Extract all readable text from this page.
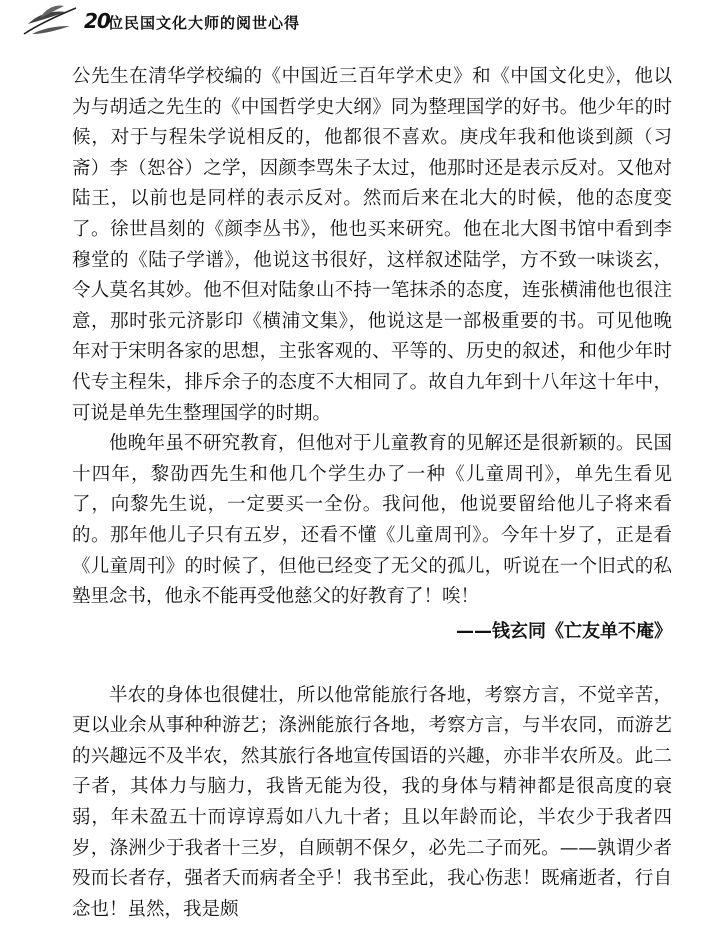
20
位民国文化大师的阅世心得

公先生在清华学校编的《中国近三百年学术史》和《中国文化史》，他以为与胡适之先生的《中国哲学史大纲》同为整理国学的好书。他少年的时候，对于与程朱学说相反的，他都很不喜欢。庚戌年我和他谈到颜（习斋）李（恕谷）之学，因颜李骂朱子太过，他那时还是表示反对。又他对陆王，以前也是同样的表示反对。然而后来在北大的时候，他的态度变了。徐世昌刻的《颜李丛书》，他也买来研究。他在北大图书馆中看到李穆堂的《陆子学谱》，他说这书很好，这样叙述陆学，方不致一味谈玄，令人莫名其妙。他不但对陆象山不持一笔抹杀的态度，连张横浦他也很注意，那时张元济影印《横浦文集》，他说这是一部极重要的书。可见他晚年对于宋明各家的思想，主张客观的、平等的、历史的叙述，和他少年时代专主程朱，排斥余子的态度不大相同了。故自九年到十八年这十年中，可说是单先生整理国学的时期。

他晚年虽不研究教育，但他对于儿童教育的见解还是很新颖的。民国十四年，黎劭西先生和他几个学生办了一种《儿童周刊》，单先生看见了，向黎先生说，一定要买一全份。我问他，他说要留给他儿子将来看的。那年他儿子只有五岁，还看不懂《儿童周刊》。今年十岁了，正是看《儿童周刊》的时候了，但他已经变了无父的孤儿，听说在一个旧式的私塾里念书，他永不能再受他慈父的好教育了！唉！

——钱玄同《亡友单不庵》

半农的身体也很健壮，所以他常能旅行各地，考察方言，不觉辛苦，更以业余从事种种游艺；涤洲能旅行各地，考察方言，与半农同，而游艺的兴趣远不及半农，然其旅行各地宣传国语的兴趣，亦非半农所及。此二子者，其体力与脑力，我皆无能为役，我的身体与精神都是很高度的衰弱，年未盈五十而谆谆焉如八九十者；且以年龄而论，半农少于我者四岁，涤洲少于我者十三岁，自顾朝不保夕，必先二子而死。——孰谓少者殁而长者存，强者夭而病者全乎！我书至此，我心伤悲！既痛逝者，行自念也！虽然，我是颇
